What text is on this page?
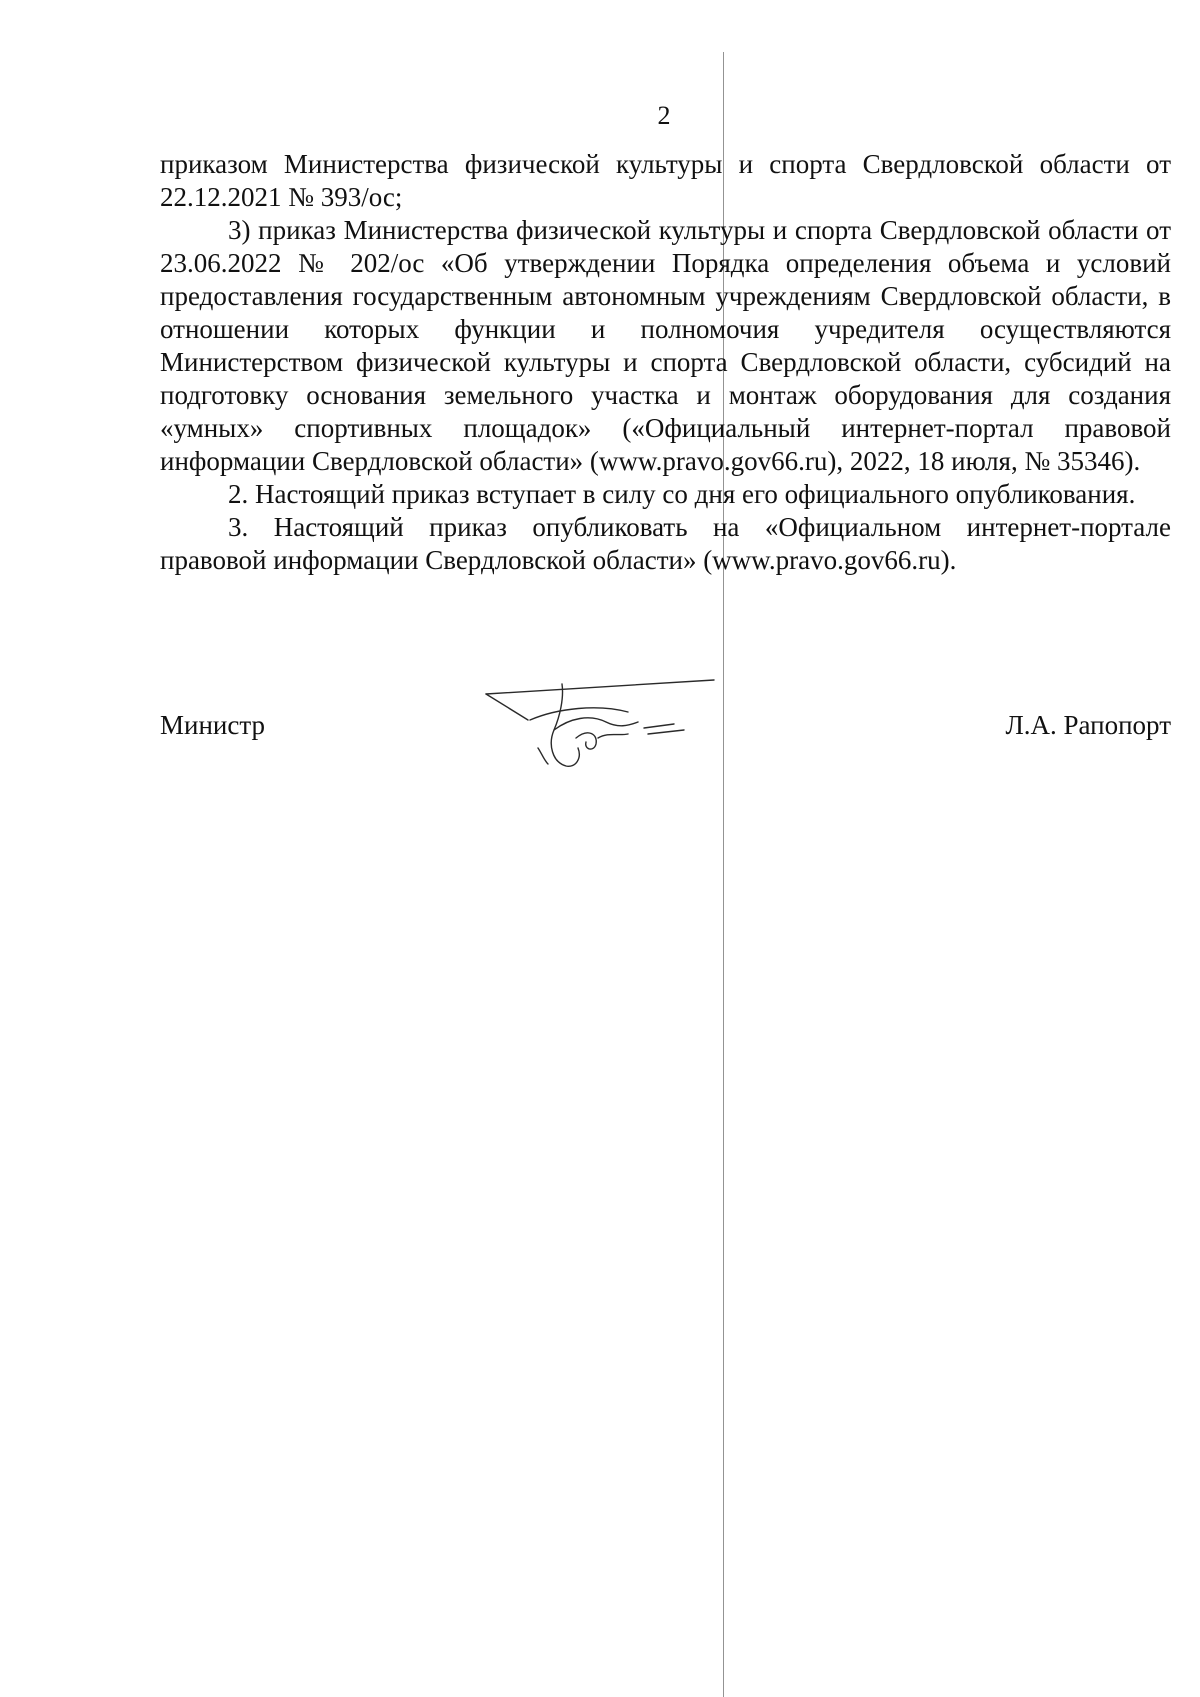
2

приказом Министерства физической культуры и спорта Свердловской области от 22.12.2021 № 393/ос;

3) приказ Министерства физической культуры и спорта Свердловской области от 23.06.2022 № 202/ос «Об утверждении Порядка определения объема и условий предоставления государственным автономным учреждениям Свердловской области, в отношении которых функции и полномочия учредителя осуществляются Министерством физической культуры и спорта Свердловской области, субсидий на подготовку основания земельного участка и монтаж оборудования для создания «умных» спортивных площадок» («Официальный интернет-портал правовой информации Свердловской области» (www.pravo.gov66.ru), 2022, 18 июля, № 35346).

2. Настоящий приказ вступает в силу со дня его официального опубликования.

3. Настоящий приказ опубликовать на «Официальном интернет-портале правовой информации Свердловской области» (www.pravo.gov66.ru).

Министр	Л.А. Рапопорт
